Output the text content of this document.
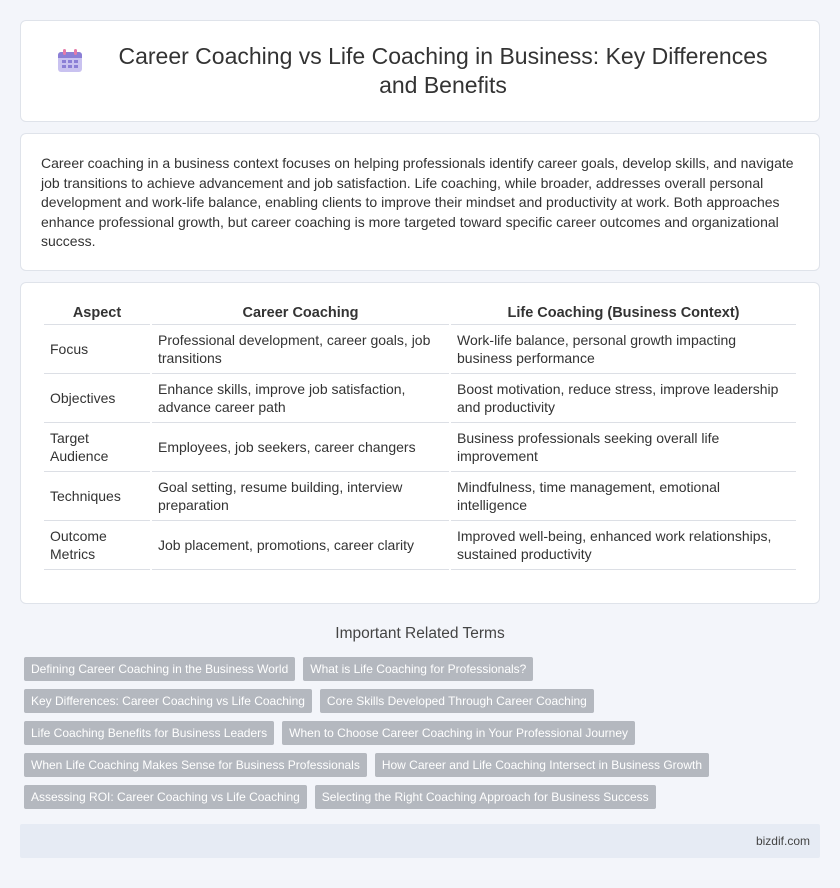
Career Coaching vs Life Coaching in Business: Key Differences and Benefits

Career coaching in a business context focuses on helping professionals identify career goals, develop skills, and navigate job transitions to achieve advancement and job satisfaction. Life coaching, while broader, addresses overall personal development and work-life balance, enabling clients to improve their mindset and productivity at work. Both approaches enhance professional growth, but career coaching is more targeted toward specific career outcomes and organizational success.

Aspect	Career Coaching	Life Coaching (Business Context)
Focus	Professional development, career goals, job transitions	Work-life balance, personal growth impacting business performance
Objectives	Enhance skills, improve job satisfaction, advance career path	Boost motivation, reduce stress, improve leadership and productivity
Target Audience	Employees, job seekers, career changers	Business professionals seeking overall life improvement
Techniques	Goal setting, resume building, interview preparation	Mindfulness, time management, emotional intelligence
Outcome Metrics	Job placement, promotions, career clarity	Improved well-being, enhanced work relationships, sustained productivity
Important Related Terms
Defining Career Coaching in the Business World	What is Life Coaching for Professionals?
Key Differences: Career Coaching vs Life Coaching	Core Skills Developed Through Career Coaching
Life Coaching Benefits for Business Leaders	When to Choose Career Coaching in Your Professional Journey
When Life Coaching Makes Sense for Business Professionals	How Career and Life Coaching Intersect in Business Growth
Assessing ROI: Career Coaching vs Life Coaching	Selecting the Right Coaching Approach for Business Success
bizdif.com
